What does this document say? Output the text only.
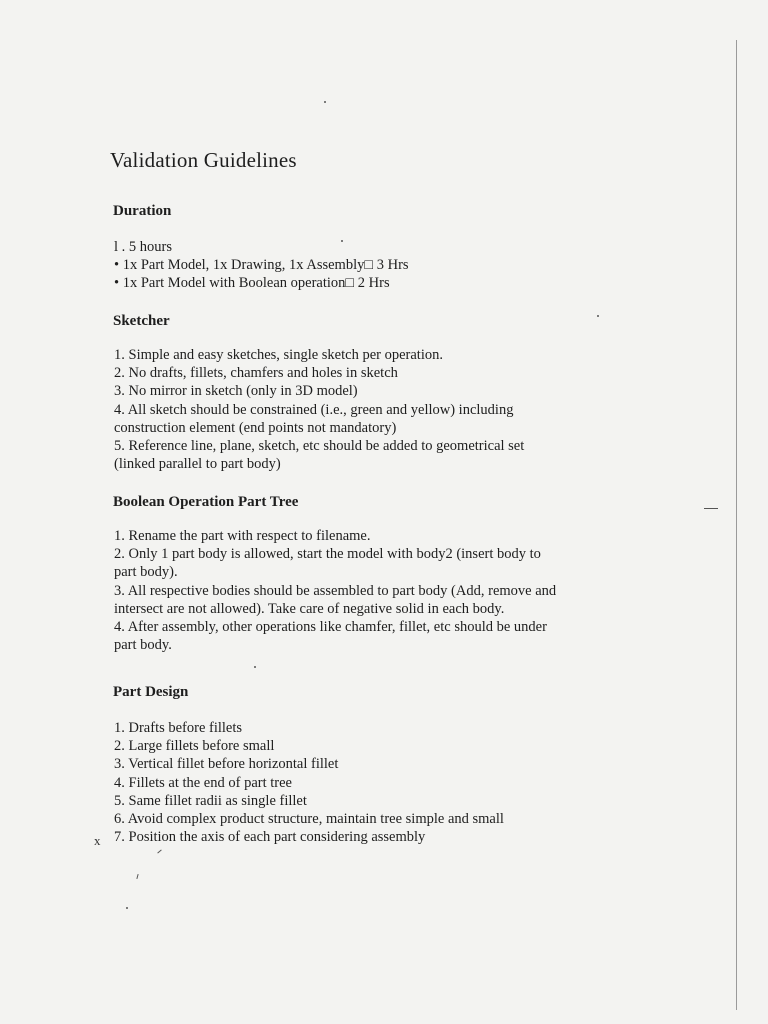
Validation Guidelines
Duration
l . 5 hours
• 1x Part Model, 1x Drawing, 1x Assembly□ 3 Hrs
• 1x Part Model with Boolean operation□ 2 Hrs
Sketcher
1. Simple and easy sketches, single sketch per operation.
2. No drafts, fillets, chamfers and holes in sketch
3. No mirror in sketch (only in 3D model)
4. All sketch should be constrained (i.e., green and yellow) including
construction element (end points not mandatory)
5. Reference line, plane, sketch, etc should be added to geometrical set
(linked parallel to part body)
Boolean Operation Part Tree
1. Rename the part with respect to filename.
2. Only 1 part body is allowed, start the model with body2 (insert body to
part body).
3. All respective bodies should be assembled to part body (Add, remove and
intersect are not allowed). Take care of negative solid in each body.
4. After assembly, other operations like chamfer, fillet, etc should be under
part body.
Part Design
1. Drafts before fillets
2. Large fillets before small
3. Vertical fillet before horizontal fillet
4. Fillets at the end of part tree
5. Same fillet radii as single fillet
6. Avoid complex product structure, maintain tree simple and small
7. Position the axis of each part considering assembly
x
